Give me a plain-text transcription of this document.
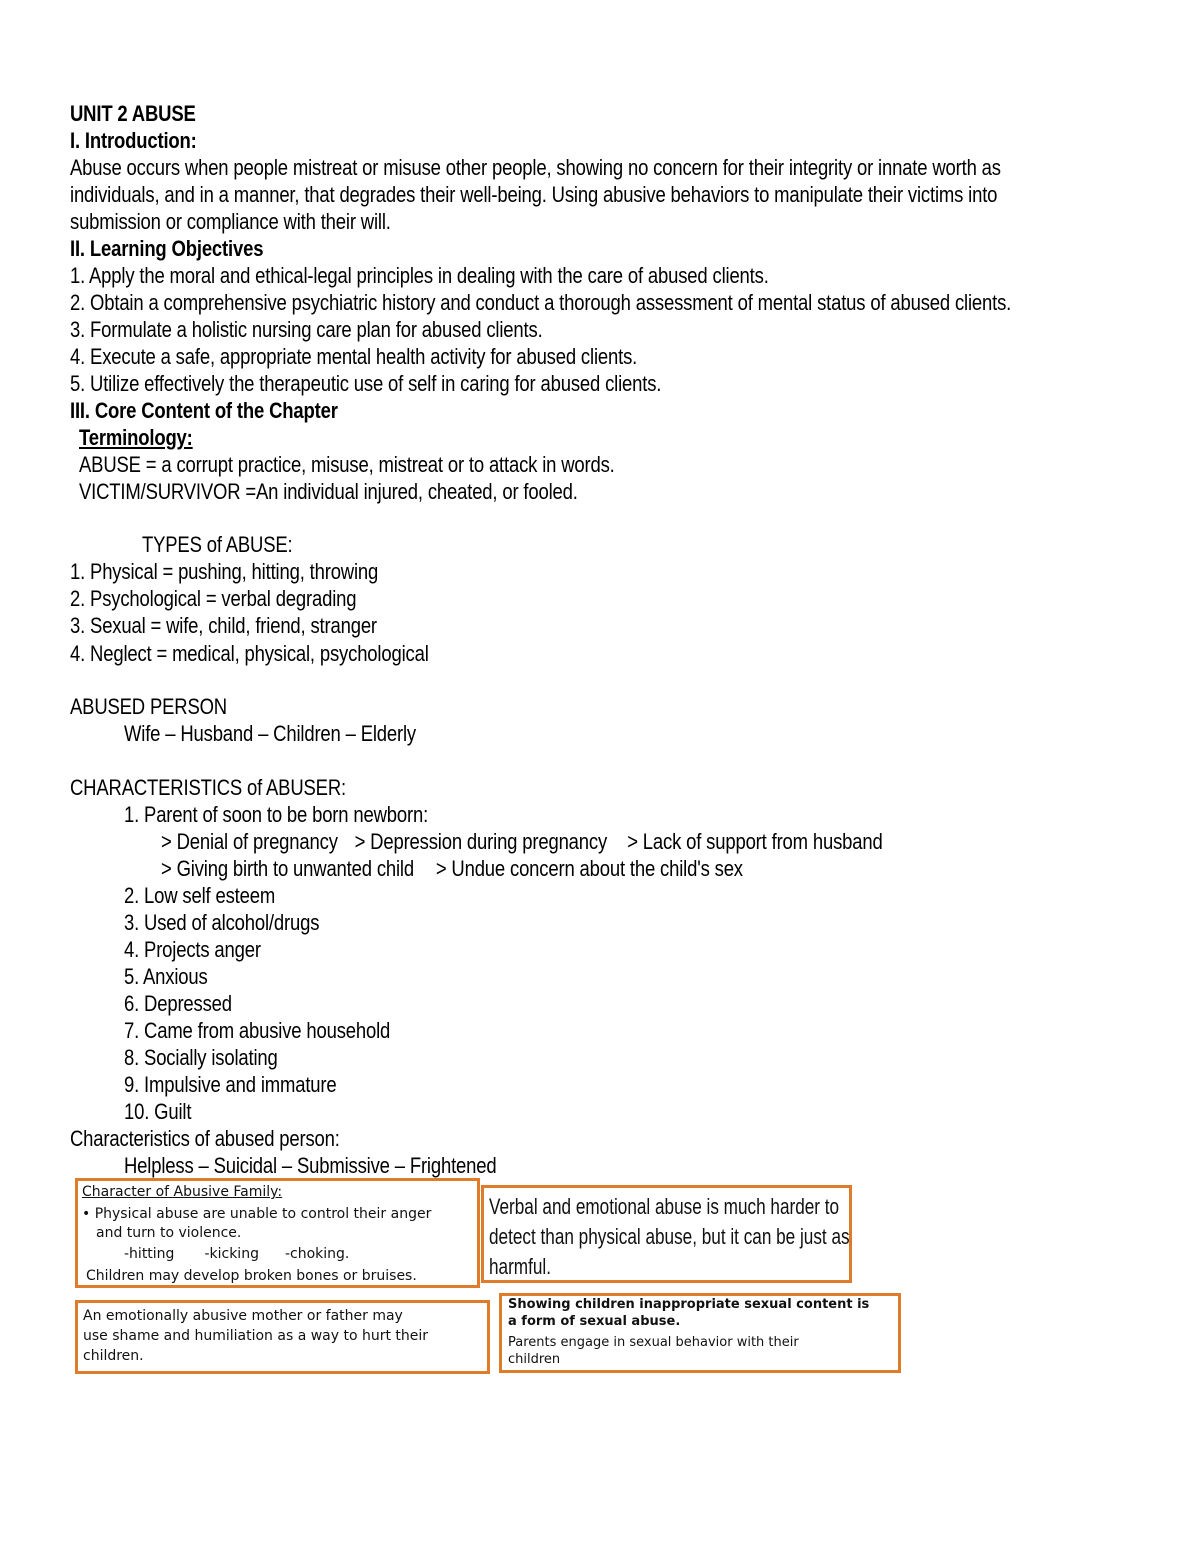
UNIT 2 ABUSE
I. Introduction:
Abuse occurs when people mistreat or misuse other people, showing no concern for their integrity or innate worth as
individuals, and in a manner, that degrades their well-being. Using abusive behaviors to manipulate their victims into
submission or compliance with their will.
II. Learning Objectives
1. Apply the moral and ethical-legal principles in dealing with the care of abused clients.
2. Obtain a comprehensive psychiatric history and conduct a thorough assessment of mental status of abused clients.
3. Formulate a holistic nursing care plan for abused clients.
4. Execute a safe, appropriate mental health activity for abused clients.
5. Utilize effectively the therapeutic use of self in caring for abused clients.
III. Core Content of the Chapter
Terminology:
ABUSE = a corrupt practice, misuse, mistreat or to attack in words.
VICTIM/SURVIVOR =An individual injured, cheated, or fooled.
TYPES of ABUSE:
1. Physical = pushing, hitting, throwing
2. Psychological = verbal degrading
3. Sexual = wife, child, friend, stranger
4. Neglect = medical, physical, psychological
ABUSED PERSON
Wife – Husband – Children – Elderly
CHARACTERISTICS of ABUSER:
1. Parent of soon to be born newborn:
> Denial of pregnancy > Depression during pregnancy > Lack of support from husband
> Giving birth to unwanted child > Undue concern about the child's sex
2. Low self esteem
3. Used of alcohol/drugs
4. Projects anger
5. Anxious
6. Depressed
7. Came from abusive household
8. Socially isolating
9. Impulsive and immature
10. Guilt
Characteristics of abused person:
Helpless – Suicidal – Submissive – Frightened
Character of Abusive Family:
• Physical abuse are unable to control their anger
and turn to violence.
-hitting -kicking -choking.
Children may develop broken bones or bruises.
Verbal and emotional abuse is much harder to
detect than physical abuse, but it can be just as
harmful.
An emotionally abusive mother or father may
use shame and humiliation as a way to hurt their
children.
Showing children inappropriate sexual content is
a form of sexual abuse.
Parents engage in sexual behavior with their
children
